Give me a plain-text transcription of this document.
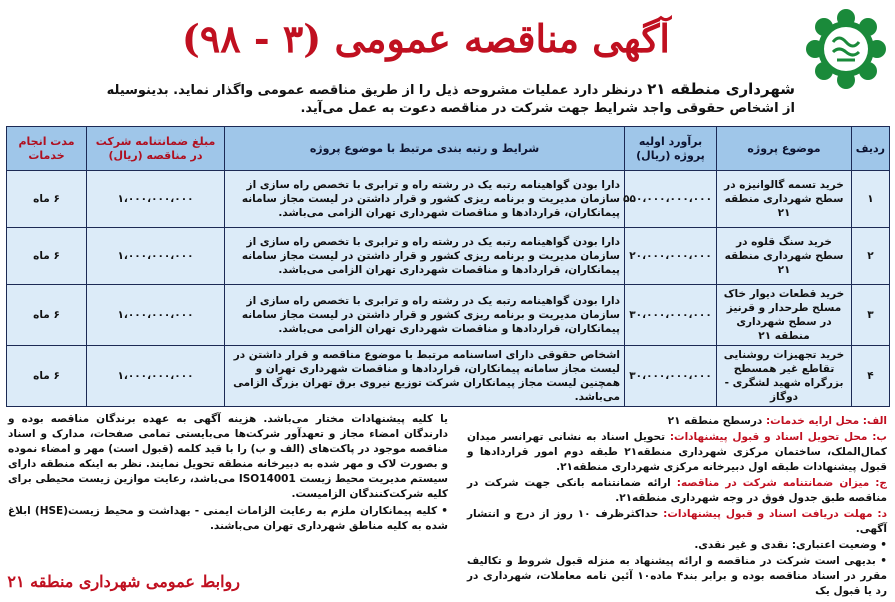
آگهی مناقصه عمومی (۳ - ۹۸)
شهرداری منطقه ۲۱ درنظر دارد عملیات مشروحه ذیل را از طریق مناقصه عمومی واگذار نماید. بدینوسیله از اشخاص حقوقی واجد شرایط جهت شرکت در مناقصه دعوت به عمل می‌آید.
ردیف	موضوع پروژه	برآورد اولیه پروژه (ریال)	شرایط و رتبه بندی مرتبط با موضوع پروژه	مبلغ ضمانتنامه شرکت در مناقصه (ریال)	مدت انجام خدمات
۱	خرید تسمه گالوانیزه در سطح شهرداری منطقه ۲۱	۵۵۰،۰۰۰،۰۰۰،۰۰۰	دارا بودن گواهینامه رتبه یک در رشته راه و ترابری با تخصص راه سازی از سازمان مدیریت و برنامه ریزی کشور و قرار داشتن در لیست مجاز سامانه پیمانکاران، قراردادها و مناقصات شهرداری تهران الزامی می‌باشد.	۱،۰۰۰،۰۰۰،۰۰۰	۶ ماه
۲	خرید سنگ قلوه در سطح شهرداری منطقه ۲۱	۲۰،۰۰۰،۰۰۰،۰۰۰	دارا بودن گواهینامه رتبه یک در رشته راه و ترابری با تخصص راه سازی از سازمان مدیریت و برنامه ریزی کشور و قرار داشتن در لیست مجاز سامانه پیمانکاران، قراردادها و مناقصات شهرداری تهران الزامی می‌باشد.	۱،۰۰۰،۰۰۰،۰۰۰	۶ ماه
۳	خرید قطعات دیوار خاک مسلح طرحدار و قرنیز در سطح شهرداری منطقه ۲۱	۳۰،۰۰۰،۰۰۰،۰۰۰	دارا بودن گواهینامه رتبه یک در رشته راه و ترابری با تخصص راه سازی از سازمان مدیریت و برنامه ریزی کشور و قرار داشتن در لیست مجاز سامانه پیمانکاران، قراردادها و مناقصات شهرداری تهران الزامی می‌باشد.	۱،۰۰۰،۰۰۰،۰۰۰	۶ ماه
۴	خرید تجهیزات روشنایی تقاطع غیر همسطح بزرگراه شهید لشگری - دوگاز	۳۰،۰۰۰،۰۰۰،۰۰۰	اشخاص حقوقی دارای اساسنامه مرتبط با موضوع مناقصه و قرار داشتن در لیست مجاز سامانه پیمانکاران، قراردادها و مناقصات شهرداری تهران و همچنین لیست مجاز پیمانکاران شرکت توزیع نیروی برق تهران بزرگ الزامی می‌باشد.	۱،۰۰۰،۰۰۰،۰۰۰	۶ ماه

الف: محل ارایه خدمات: درسطح منطقه ۲۱

ب: محل تحویل اسناد و قبول پیشنهادات: تحویل اسناد به نشانی تهرانسر میدان کمال‌الملک، ساختمان مرکزی شهرداری منطقه۲۱ طبقه دوم امور قراردادها و قبول پیشنهادات طبقه اول دبیرخانه مرکزی شهرداری منطقه۲۱.

ج: میزان ضمانتنامه شرکت در مناقصه: ارائه ضمانتنامه بانکی جهت شرکت در مناقصه طبق جدول فوق در وجه شهرداری منطقه۲۱.

د: مهلت دریافت اسناد و قبول پیشنهادات: حداکثرظرف ۱۰ روز از درج و انتشار آگهی.

• وضعیت اعتباری: نقدی و غیر نقدی.

• بدیهی است شرکت در مناقصه و ارائه پیشنهاد به منزله قبول شروط و تکالیف مقرر در اسناد مناقصه بوده و برابر بند۴ ماده۱۰ آئین نامه معاملات، شهرداری در رد یا قبول یک

یا کلیه پیشنهادات مختار می‌باشد. هزینه آگهی به عهده برندگان مناقصه بوده و دارندگان امضاء مجاز و تعهدآور شرکت‌ها می‌بایستی تمامی صفحات، مدارک و اسناد مناقصه موجود در پاکت‌های (الف و ب) را با قید کلمه (قبول است) مهر و امضاء نموده و بصورت لاک و مهر شده به دبیرخانه منطقه تحویل نمایند. نظر به اینکه منطقه دارای سیستم مدیریت محیط زیست ISO14001 می‌باشد، رعایت موازین زیست محیطی برای کلیه شرکت‌کنندگان الزامیست.

• کلیه پیمانکاران ملزم به رعایت الزامات ایمنی - بهداشت و محیط زیست(HSE) ابلاغ شده به کلیه مناطق شهرداری تهران می‌باشند.

روابط عمومی شهرداری منطقه ۲۱
